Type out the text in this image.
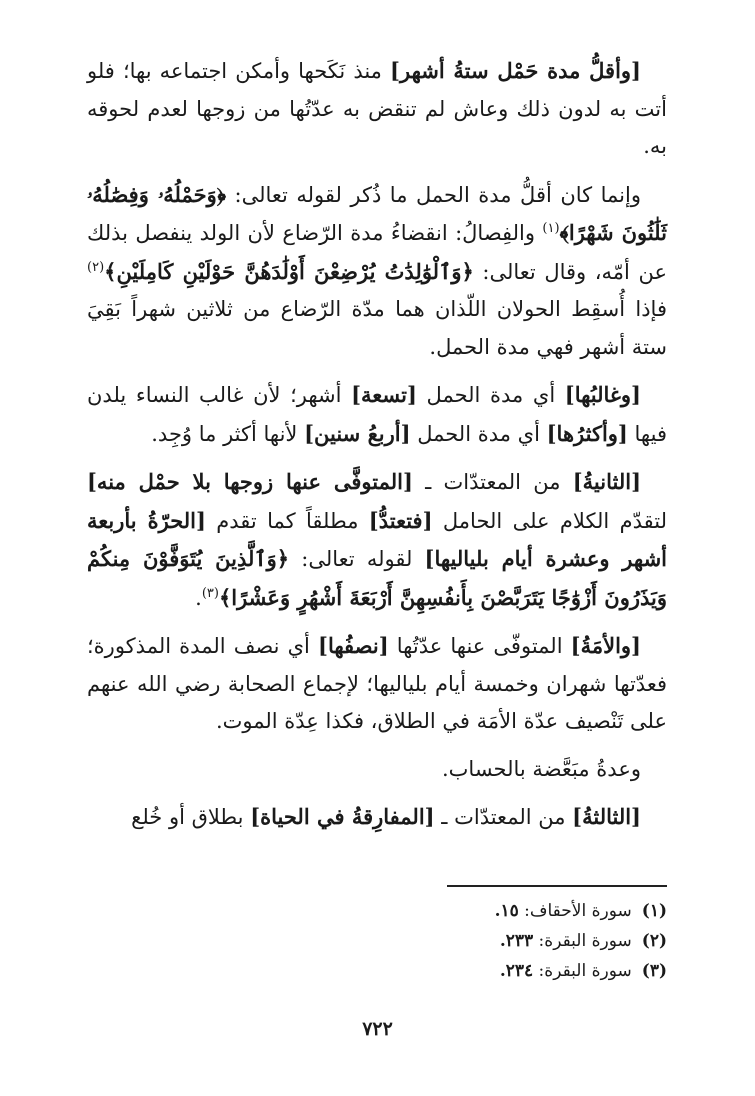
[وأقلُّ مدة حَمْل ستةُ أشهر] منذ نَكَحها وأمكن اجتماعه بها؛ فلو أتت به لدون ذلك وعاش لم تنقض به عدّتُها من زوجها لعدم لحوقه به.

وإنما كان أقلُّ مدة الحمل ما ذُكر لقوله تعالى: ﴿وَحَمْلُهُۥ وَفِصَٰلُهُۥ ثَلَٰثُونَ شَهْرًا﴾$^{(١)}$ والفِصالُ: انقضاءُ مدة الرّضاع لأن الولد ينفصل بذلك عن أمّه، وقال تعالى: ﴿وَٱلْوَٰلِدَٰتُ يُرْضِعْنَ أَوْلَٰدَهُنَّ حَوْلَيْنِ كَامِلَيْنِ﴾$^{(٢)}$ فإذا أُسقِط الحولان اللّذان هما مدّة الرّضاع من ثلاثين شهراً بَقِيَ ستة أشهر فهي مدة الحمل.

[وغالبُها] أي مدة الحمل [تسعة] أشهر؛ لأن غالب النساء يلدن فيها [وأكثرُها] أي مدة الحمل [أربعُ سنين] لأنها أكثر ما وُجِد.

[الثانيةُ] من المعتدّات ـ [المتوفَّى عنها زوجها بلا حمْل منه] لتقدّم الكلام على الحامل [فتعتدُّ] مطلقاً كما تقدم [الحرّةُ بأربعة أشهر وعشرة أيام بلياليها] لقوله تعالى: ﴿وَٱلَّذِينَ يُتَوَفَّوْنَ مِنكُمْ وَيَذَرُونَ أَزْوَٰجًا يَتَرَبَّصْنَ بِأَنفُسِهِنَّ أَرْبَعَةَ أَشْهُرٍ وَعَشْرًا﴾$^{(٣)}$.

[والأمَةُ] المتوفّى عنها عدّتُها [نصفُها] أي نصف المدة المذكورة؛ فعدّتها شهران وخمسة أيام بلياليها؛ لإجماع الصحابة رضي الله عنهم على تَنْصيف عدّة الأمَة في الطلاق، فكذا عِدّة الموت.

وعدةُ مبَعَّضة بالحساب.

[الثالثةُ] من المعتدّات ـ [المفارِقةُ في الحياة] بطلاق أو خُلع

(١)سورة الأحقاف: ١٥.

(٢)سورة البقرة: ٢٣٣.

(٣)سورة البقرة: ٢٣٤.

٧٢٢
